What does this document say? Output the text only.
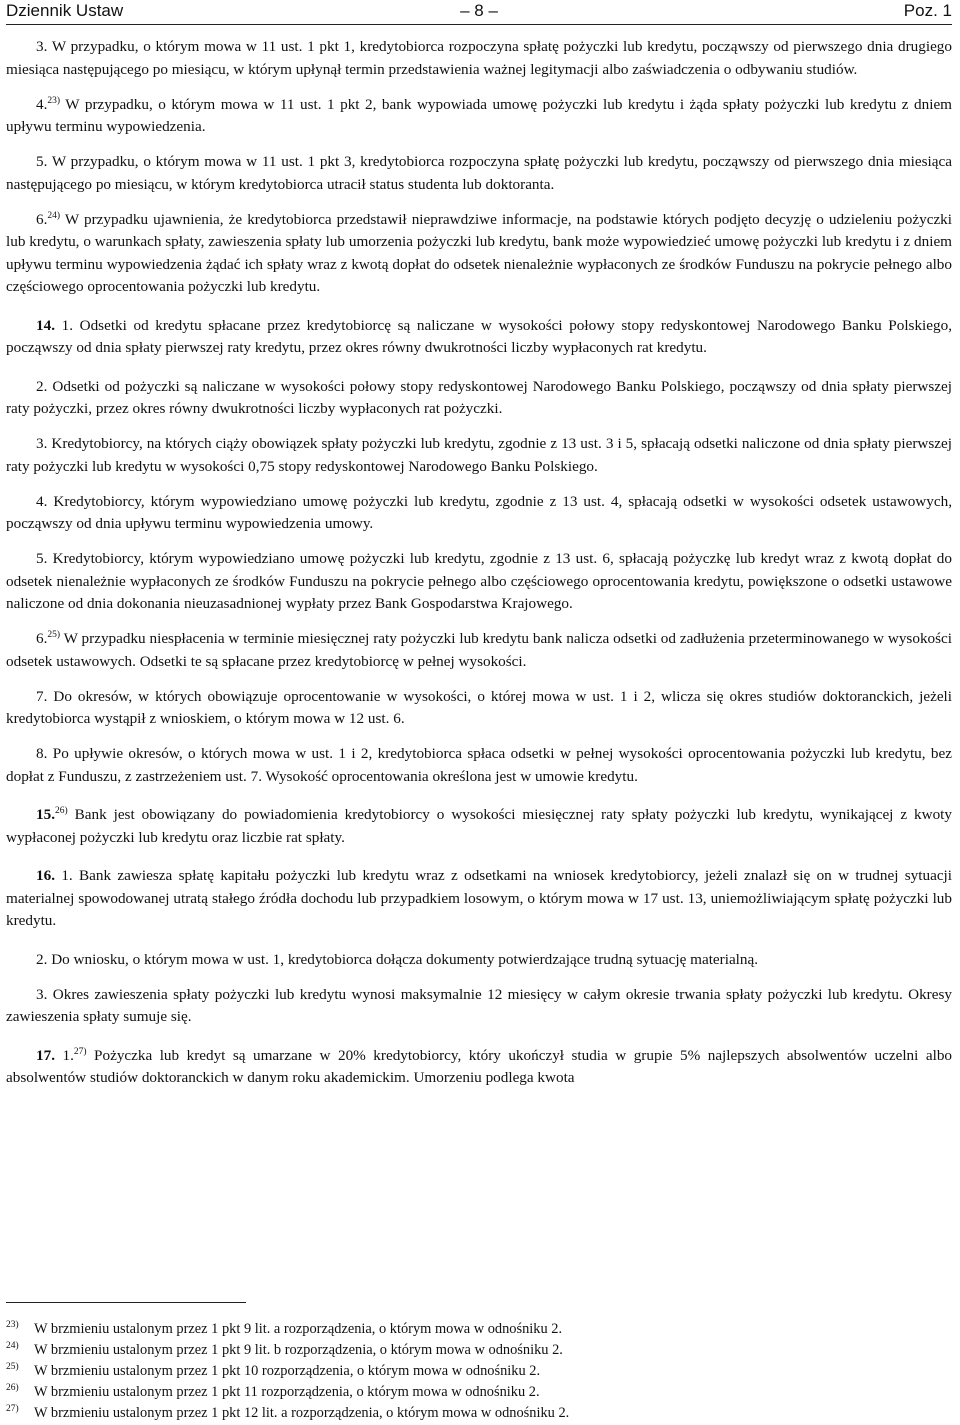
Dziennik Ustaw	– 8 –	Poz. 1

3. W przypadku, o którym mowa w 11 ust. 1 pkt 1, kredytobiorca rozpoczyna spłatę pożyczki lub kredytu, począwszy od pierwszego dnia drugiego miesiąca następującego po miesiącu, w którym upłynął termin przedstawienia ważnej legitymacji albo zaświadczenia o odbywaniu studiów.

4.$^{23)}$ W przypadku, o którym mowa w 11 ust. 1 pkt 2, bank wypowiada umowę pożyczki lub kredytu i żąda spłaty pożyczki lub kredytu z dniem upływu terminu wypowiedzenia.

5. W przypadku, o którym mowa w 11 ust. 1 pkt 3, kredytobiorca rozpoczyna spłatę pożyczki lub kredytu, począwszy od pierwszego dnia miesiąca następującego po miesiącu, w którym kredytobiorca utracił status studenta lub doktoranta.

6.$^{24)}$ W przypadku ujawnienia, że kredytobiorca przedstawił nieprawdziwe informacje, na podstawie których podjęto decyzję o udzieleniu pożyczki lub kredytu, o warunkach spłaty, zawieszenia spłaty lub umorzenia pożyczki lub kredytu, bank może wypowiedzieć umowę pożyczki lub kredytu i z dniem upływu terminu wypowiedzenia żądać ich spłaty wraz z kwotą dopłat do odsetek nienależnie wypłaconych ze środków Funduszu na pokrycie pełnego albo częściowego oprocentowania pożyczki lub kredytu.

14. 1. Odsetki od kredytu spłacane przez kredytobiorcę są naliczane w wysokości połowy stopy redyskontowej Narodowego Banku Polskiego, począwszy od dnia spłaty pierwszej raty kredytu, przez okres równy dwukrotności liczby wypłaconych rat kredytu.

2. Odsetki od pożyczki są naliczane w wysokości połowy stopy redyskontowej Narodowego Banku Polskiego, począwszy od dnia spłaty pierwszej raty pożyczki, przez okres równy dwukrotności liczby wypłaconych rat pożyczki.

3. Kredytobiorcy, na których ciąży obowiązek spłaty pożyczki lub kredytu, zgodnie z 13 ust. 3 i 5, spłacają odsetki naliczone od dnia spłaty pierwszej raty pożyczki lub kredytu w wysokości 0,75 stopy redyskontowej Narodowego Banku Polskiego.

4. Kredytobiorcy, którym wypowiedziano umowę pożyczki lub kredytu, zgodnie z 13 ust. 4, spłacają odsetki w wysokości odsetek ustawowych, począwszy od dnia upływu terminu wypowiedzenia umowy.

5. Kredytobiorcy, którym wypowiedziano umowę pożyczki lub kredytu, zgodnie z 13 ust. 6, spłacają pożyczkę lub kredyt wraz z kwotą dopłat do odsetek nienależnie wypłaconych ze środków Funduszu na pokrycie pełnego albo częściowego oprocentowania kredytu, powiększone o odsetki ustawowe naliczone od dnia dokonania nieuzasadnionej wypłaty przez Bank Gospodarstwa Krajowego.

6.$^{25)}$ W przypadku niespłacenia w terminie miesięcznej raty pożyczki lub kredytu bank nalicza odsetki od zadłużenia przeterminowanego w wysokości odsetek ustawowych. Odsetki te są spłacane przez kredytobiorcę w pełnej wysokości.

7. Do okresów, w których obowiązuje oprocentowanie w wysokości, o której mowa w ust. 1 i 2, wlicza się okres studiów doktoranckich, jeżeli kredytobiorca wystąpił z wnioskiem, o którym mowa w 12 ust. 6.

8. Po upływie okresów, o których mowa w ust. 1 i 2, kredytobiorca spłaca odsetki w pełnej wysokości oprocentowania pożyczki lub kredytu, bez dopłat z Funduszu, z zastrzeżeniem ust. 7. Wysokość oprocentowania określona jest w umowie kredytu.

15.$^{26)}$ Bank jest obowiązany do powiadomienia kredytobiorcy o wysokości miesięcznej raty spłaty pożyczki lub kredytu, wynikającej z kwoty wypłaconej pożyczki lub kredytu oraz liczbie rat spłaty.

16. 1. Bank zawiesza spłatę kapitału pożyczki lub kredytu wraz z odsetkami na wniosek kredytobiorcy, jeżeli znalazł się on w trudnej sytuacji materialnej spowodowanej utratą stałego źródła dochodu lub przypadkiem losowym, o którym mowa w 17 ust. 13, uniemożliwiającym spłatę pożyczki lub kredytu.

2. Do wniosku, o którym mowa w ust. 1, kredytobiorca dołącza dokumenty potwierdzające trudną sytuację materialną.

3. Okres zawieszenia spłaty pożyczki lub kredytu wynosi maksymalnie 12 miesięcy w całym okresie trwania spłaty pożyczki lub kredytu. Okresy zawieszenia spłaty sumuje się.

17. 1.$^{27)}$ Pożyczka lub kredyt są umarzane w 20% kredytobiorcy, który ukończył studia w grupie 5% najlepszych absolwentów uczelni albo absolwentów studiów doktoranckich w danym roku akademickim. Umorzeniu podlega kwota

23) W brzmieniu ustalonym przez 1 pkt 9 lit. a rozporządzenia, o którym mowa w odnośniku 2.
24) W brzmieniu ustalonym przez 1 pkt 9 lit. b rozporządzenia, o którym mowa w odnośniku 2.
25) W brzmieniu ustalonym przez 1 pkt 10 rozporządzenia, o którym mowa w odnośniku 2.
26) W brzmieniu ustalonym przez 1 pkt 11 rozporządzenia, o którym mowa w odnośniku 2.
27) W brzmieniu ustalonym przez 1 pkt 12 lit. a rozporządzenia, o którym mowa w odnośniku 2.
